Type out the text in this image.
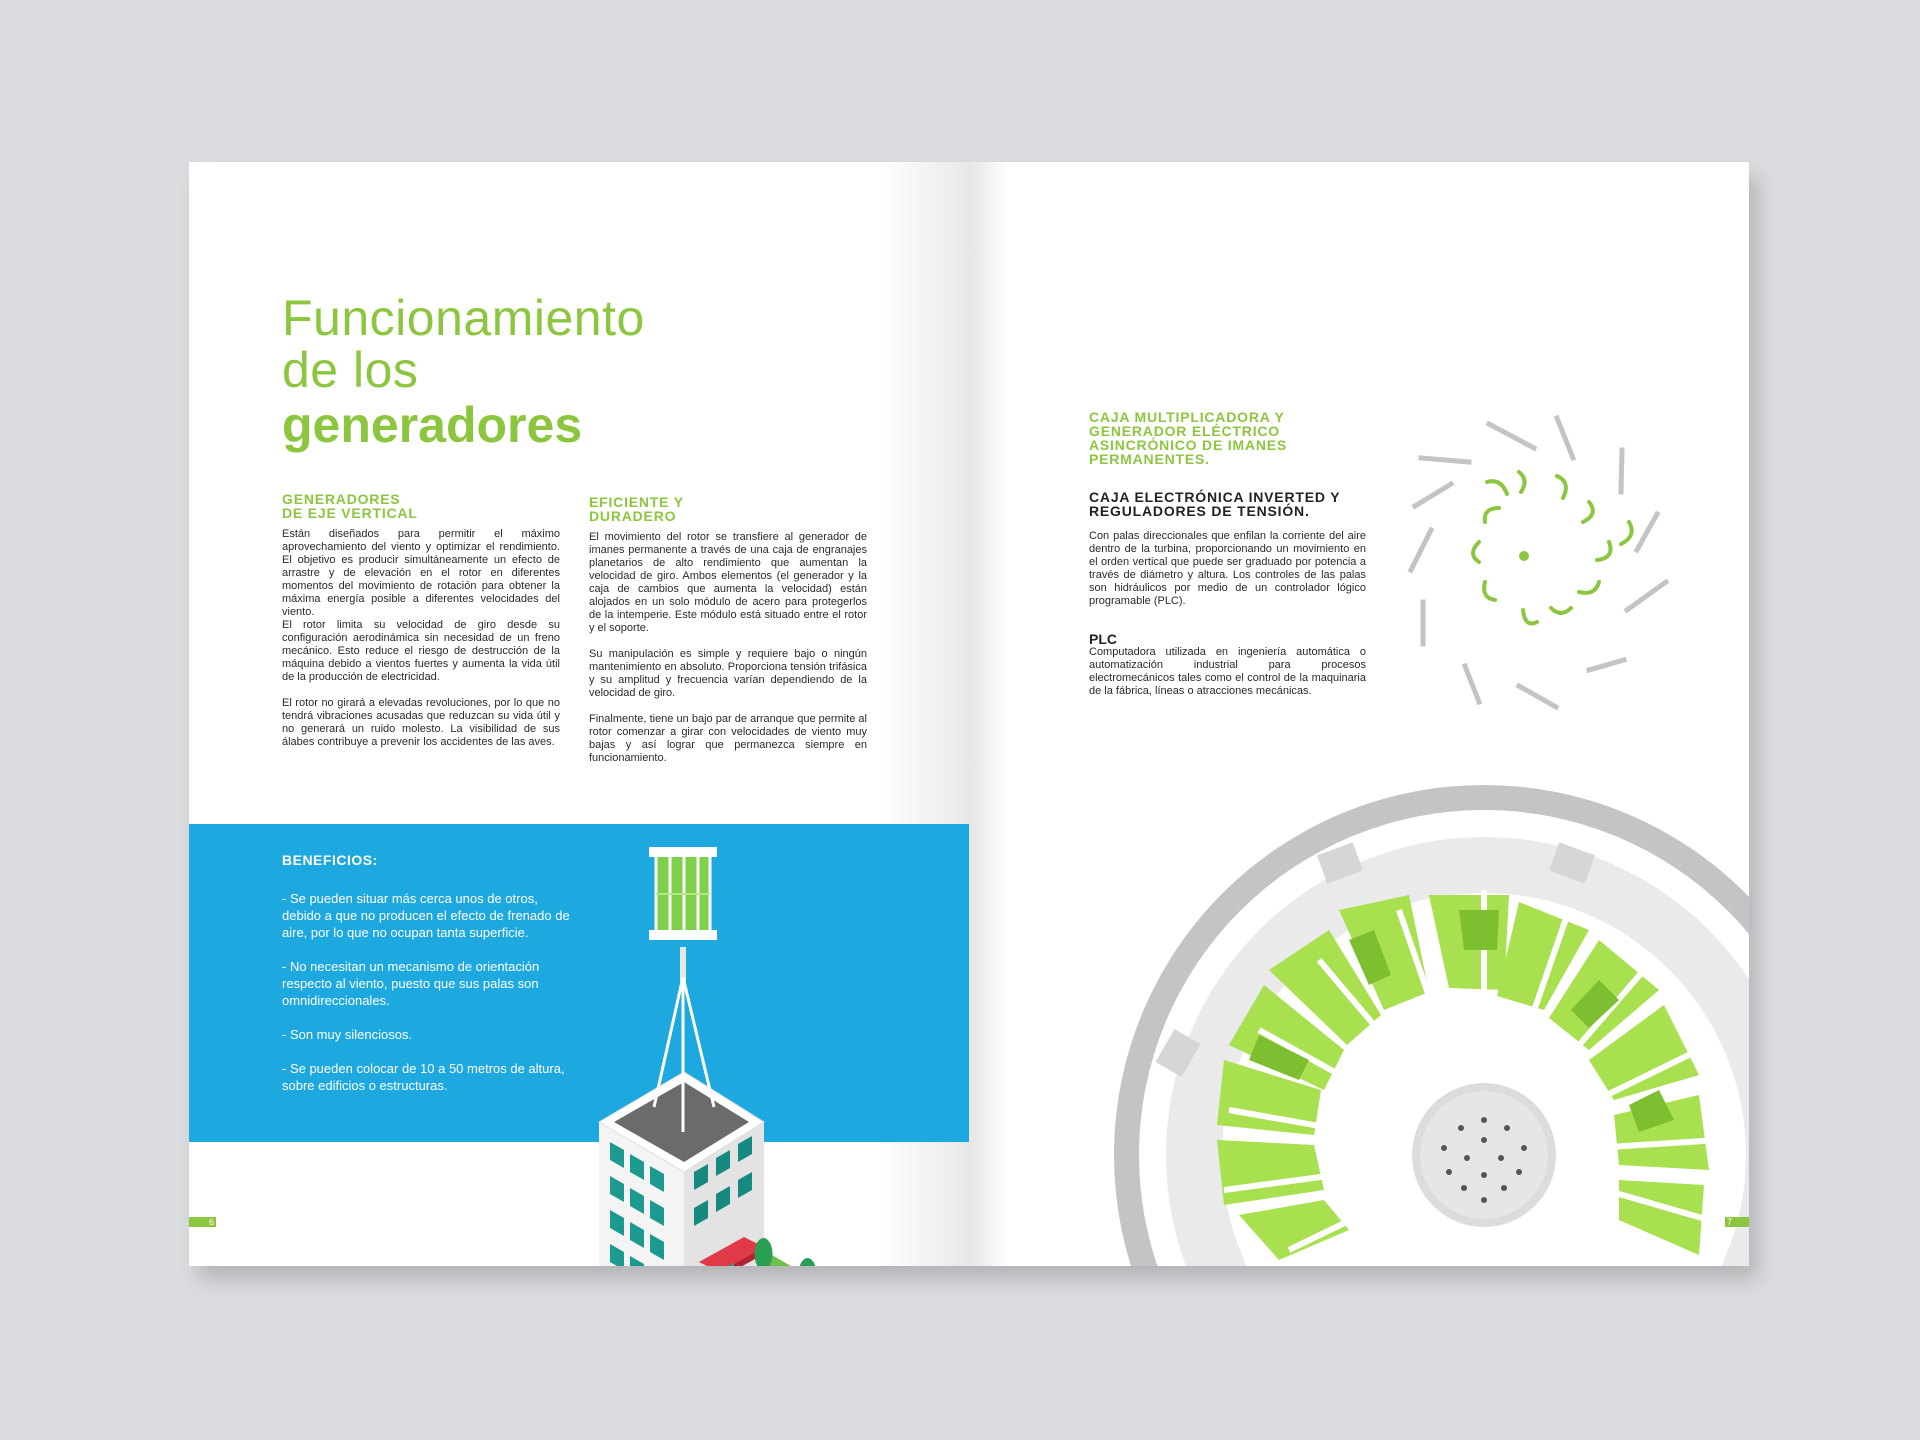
Funcionamiento
de los
generadores
GENERADORES
DE EJE VERTICAL

Están diseñados para permitir el máximo aprovechamiento del viento y optimizar el rendimiento. El objetivo es producir simultáneamente un efecto de arrastre y de elevación en el rotor en diferentes momentos del movimiento de rotación para obtener la máxima energía posible a diferentes velocidades del viento.

El rotor limita su velocidad de giro desde su configuración aerodinámica sin necesidad de un freno mecánico. Esto reduce el riesgo de destrucción de la máquina debido a vientos fuertes y aumenta la vida útil de la producción de electricidad.

El rotor no girará a elevadas revoluciones, por lo que no tendrá vibraciones acusadas que reduzcan su vida útil y no generará un ruido molesto. La visibilidad de sus álabes contribuye a prevenir los accidentes de las aves.

EFICIENTE Y
DURADERO

El movimiento del rotor se transfiere al generador de imanes permanente a través de una caja de engranajes planetarios de alto rendimiento que aumentan la velocidad de giro. Ambos elementos (el generador y la caja de cambios que aumenta la velocidad) están alojados en un solo módulo de acero para protegerlos de la intemperie. Este módulo está situado entre el rotor y el soporte.

Su manipulación es simple y requiere bajo o ningún mantenimiento en absoluto. Proporciona tensión trifásica y su amplitud y frecuencia varían dependiendo de la velocidad de giro.

Finalmente, tiene un bajo par de arranque que permite al rotor comenzar a girar con velocidades de viento muy bajas y así lograr que permanezca siempre en funcionamiento.

BENEFICIOS:
- Se pueden situar más cerca unos de otros, debido a que no producen el efecto de frenado de aire, por lo que no ocupan tanta superficie.
- No necesitan un mecanismo de orientación respecto al viento, puesto que sus palas son omnidireccionales.
- Son muy silenciosos.
- Se pueden colocar de 10 a 50 metros de altura, sobre edificios o estructuras.
6
CAJA MULTIPLICADORA Y GENERADOR ELÉCTRICO ASINCRÓNICO DE IMANES PERMANENTES.
CAJA ELECTRÓNICA INVERTED Y REGULADORES DE TENSIÓN.

Con palas direccionales que enfilan la corriente del aire dentro de la turbina, proporcionando un movimiento en el orden vertical que puede ser graduado por potencia a través de diámetro y altura. Los controles de las palas son hidráulicos por medio de un controlador lógico programable (PLC).

PLC

Computadora utilizada en ingeniería automática o automatización industrial para procesos electromecánicos tales como el control de la maquinaria de la fábrica, líneas o atracciones mecánicas.

7
